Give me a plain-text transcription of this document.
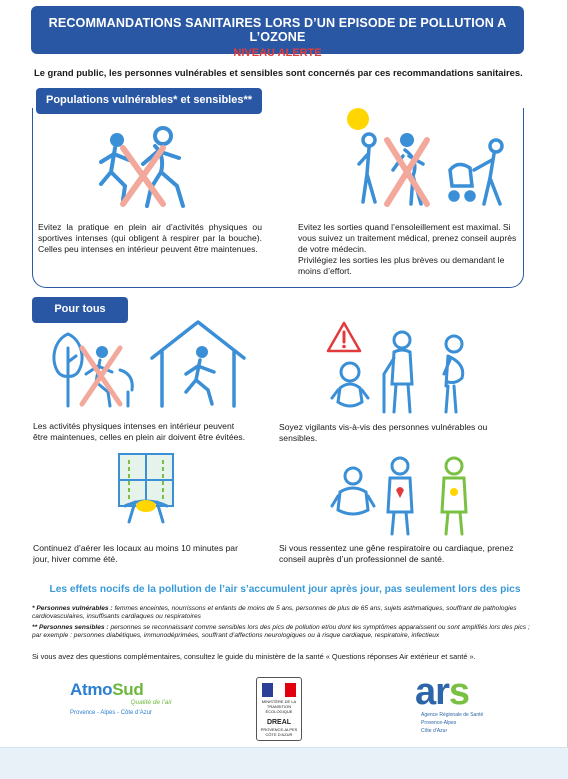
RECOMMANDATIONS SANITAIRES LORS D’UN EPISODE DE POLLUTION A L’OZONE
NIVEAU ALERTE
Le grand public, les personnes vulnérables et sensibles sont concernés par ces recommandations sanitaires.
Populations vulnérables* et sensibles**

Evitez la pratique en plein air d’activités physiques ou sportives intenses (qui obligent à respirer par la bouche). Celles peu intenses en intérieur peuvent être maintenues.

Evitez les sorties quand l’ensoleillement est maximal. Si vous suivez un traitement médical, prenez conseil auprès de votre médecin.

Privilégiez les sorties les plus brèves ou demandant le moins d’effort.

Pour tous
Les activités physiques intenses en intérieur peuvent être maintenues, celles en plein air doivent être évitées.
Soyez vigilants vis-à-vis des personnes vulnérables ou sensibles.
Continuez d’aérer les locaux au moins 10 minutes par jour, hiver comme été.
Si vous ressentez une gêne respiratoire ou cardiaque, prenez conseil auprès d’un professionnel de santé.
Les effets nocifs de la pollution de l’air s’accumulent jour après jour, pas seulement lors des pics

* Personnes vulnérables : femmes enceintes, nourrissons et enfants de moins de 5 ans, personnes de plus de 65 ans, sujets asthmatiques, souffrant de pathologies cardiovasculaires, insuffisants cardiaques ou respiratoires

** Personnes sensibles : personnes se reconnaissant comme sensibles lors des pics de pollution et/ou dont les symptômes apparaissent ou sont amplifiés lors des pics ; par exemple : personnes diabétiques, immunodéprimées, souffrant d’affections neurologiques ou à risque cardiaque, respiratoire, infectieux

Si vous avez des questions complémentaires, consultez le guide du ministère de la santé « Questions réponses Air extérieur et santé ».
AtmoSud
Qualité de l’air
Provence - Alpes - Côte d’Azur
MINISTÈRE DE LA TRANSITION ÉCOLOGIQUE
DREAL
PROVENCE-ALPES CÔTE D’AZUR
ars
Agence Régionale de Santé
Provence-Alpes
Côte d’Azur
